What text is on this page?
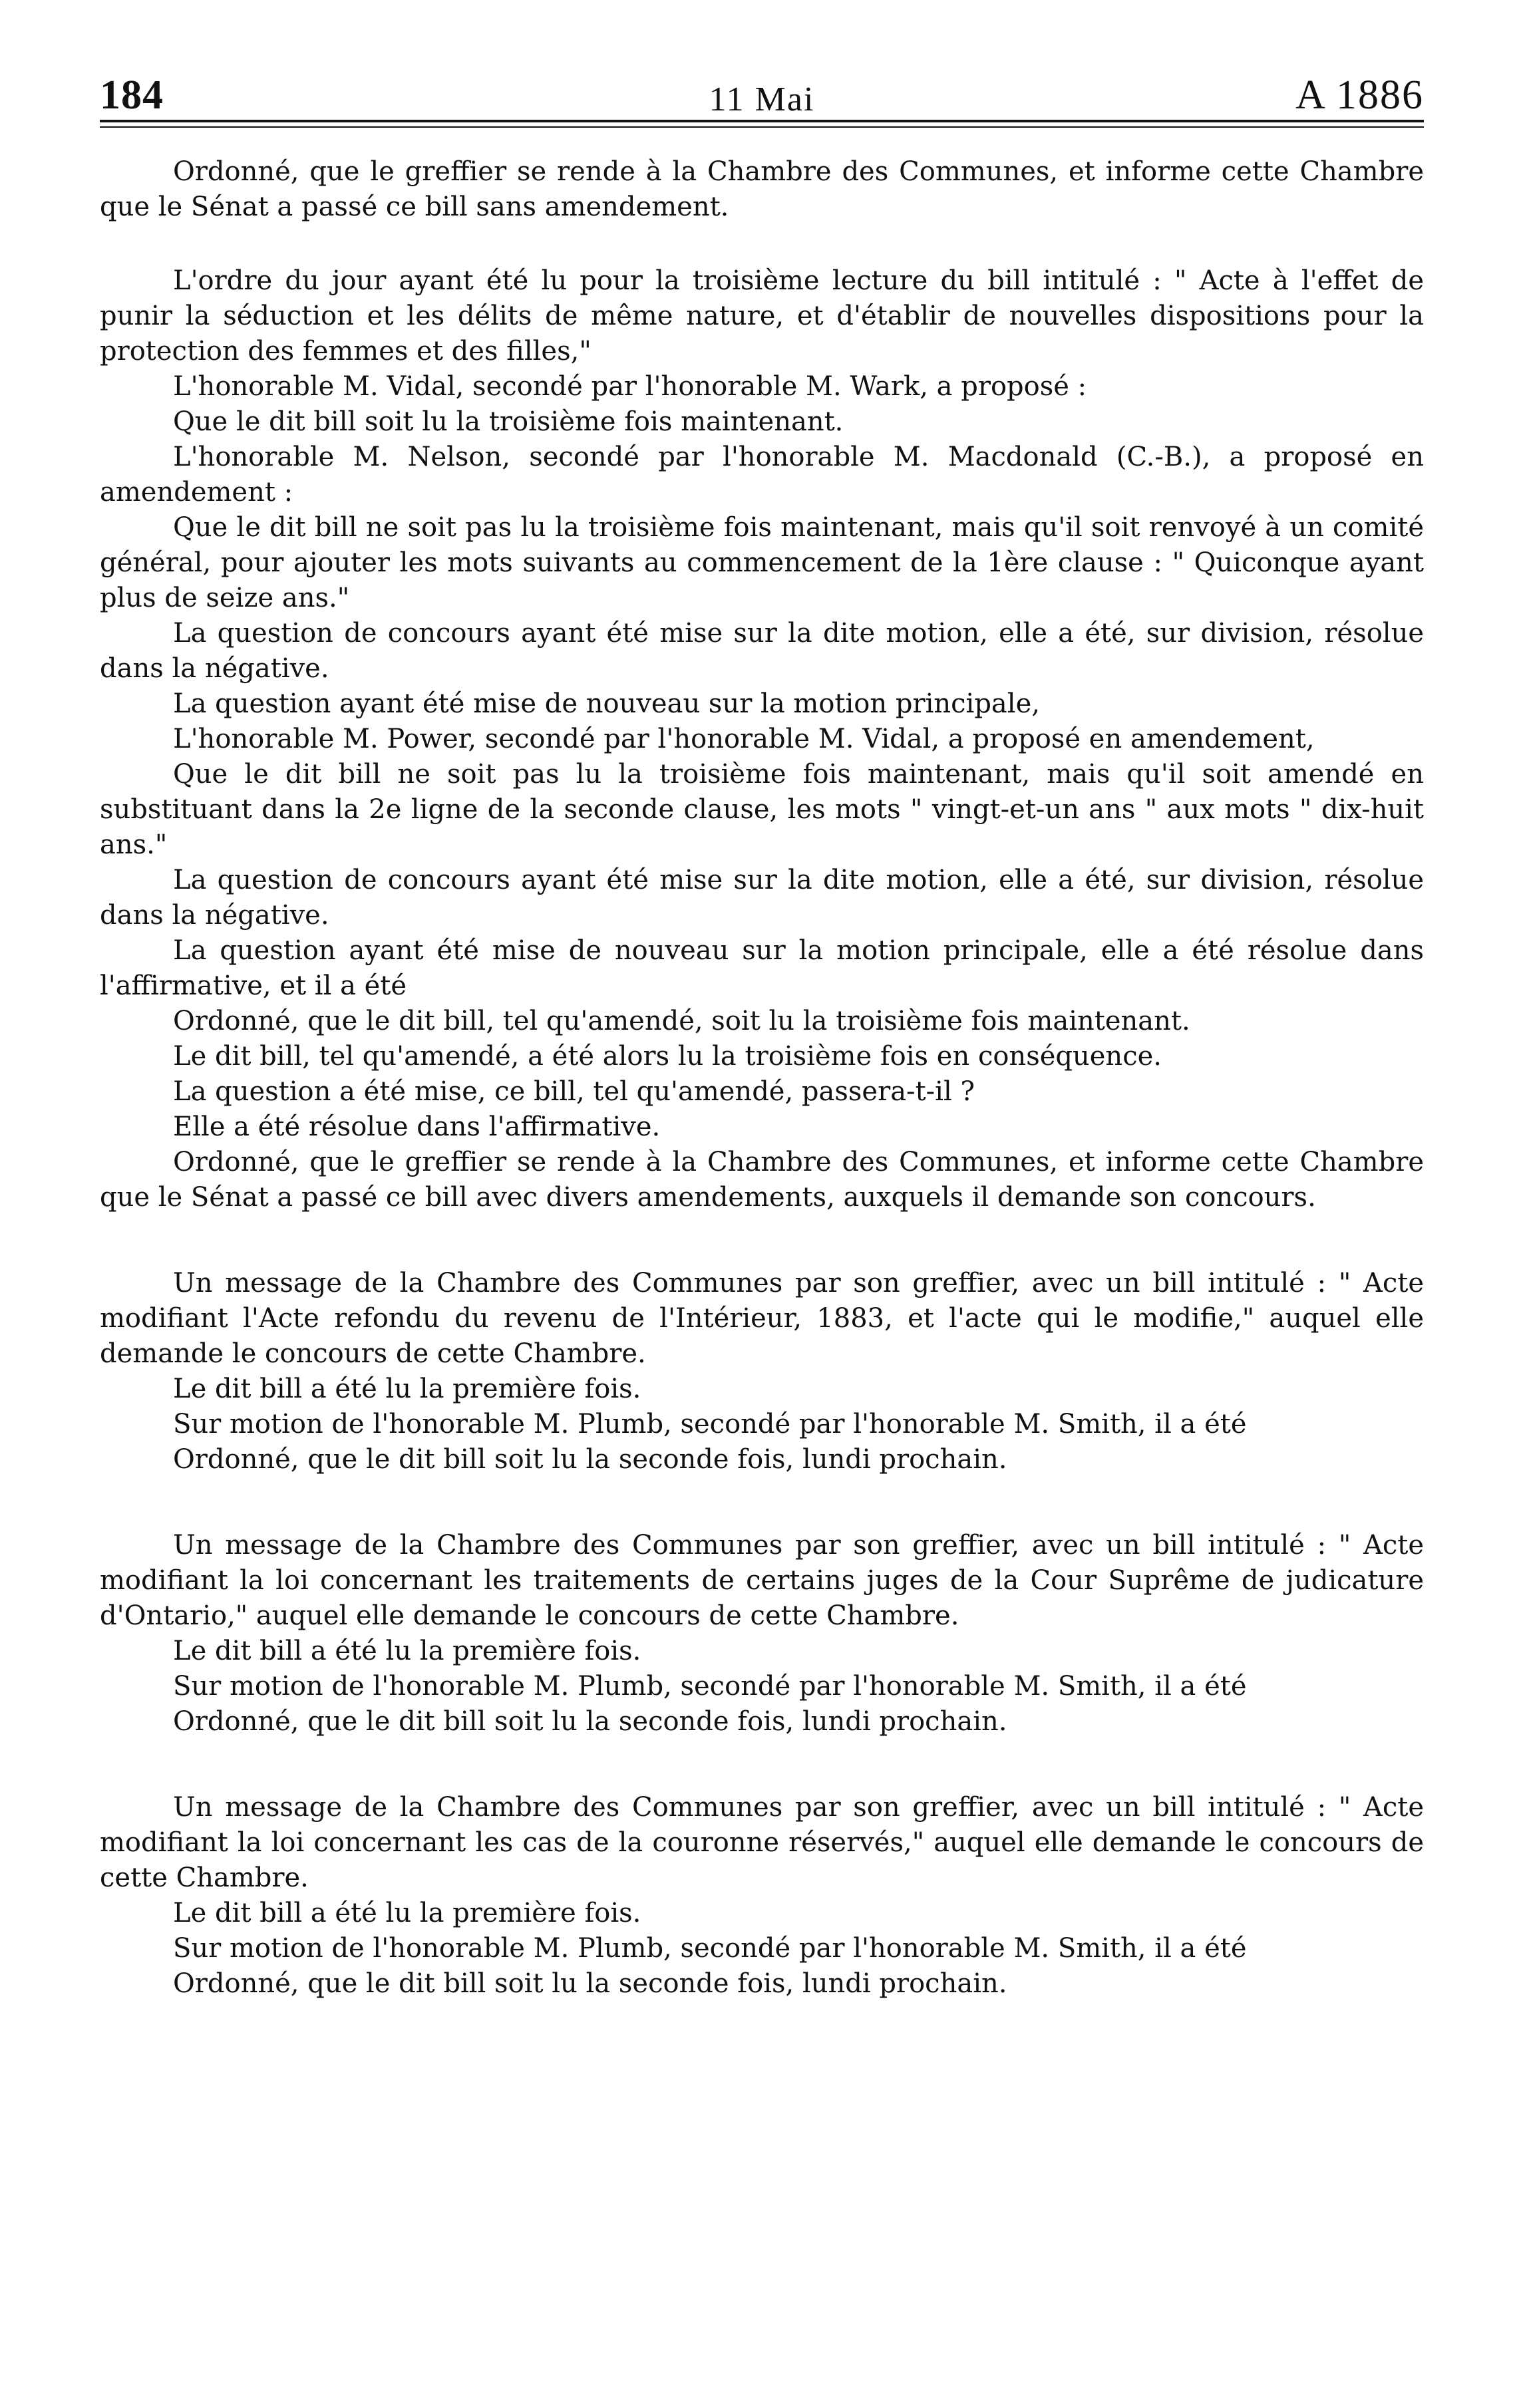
184	11 Mai	A 1886

Ordonné, que le greffier se rende à la Chambre des Communes, et informe cette Chambre que le Sénat a passé ce bill sans amendement.

L'ordre du jour ayant été lu pour la troisième lecture du bill intitulé : " Acte à l'effet de punir la séduction et les délits de même nature, et d'établir de nouvelles dispositions pour la protection des femmes et des filles,"

L'honorable M. Vidal, secondé par l'honorable M. Wark, a proposé :

Que le dit bill soit lu la troisième fois maintenant.

L'honorable M. Nelson, secondé par l'honorable M. Macdonald (C.-B.), a proposé en amendement :

Que le dit bill ne soit pas lu la troisième fois maintenant, mais qu'il soit renvoyé à un comité général, pour ajouter les mots suivants au commencement de la 1ère clause : " Quiconque ayant plus de seize ans."

La question de concours ayant été mise sur la dite motion, elle a été, sur division, résolue dans la négative.

La question ayant été mise de nouveau sur la motion principale,

L'honorable M. Power, secondé par l'honorable M. Vidal, a proposé en amendement,

Que le dit bill ne soit pas lu la troisième fois maintenant, mais qu'il soit amendé en substituant dans la 2e ligne de la seconde clause, les mots " vingt-et-un ans " aux mots " dix-huit ans."

La question de concours ayant été mise sur la dite motion, elle a été, sur division, résolue dans la négative.

La question ayant été mise de nouveau sur la motion principale, elle a été résolue dans l'affirmative, et il a été

Ordonné, que le dit bill, tel qu'amendé, soit lu la troisième fois maintenant.

Le dit bill, tel qu'amendé, a été alors lu la troisième fois en conséquence.

La question a été mise, ce bill, tel qu'amendé, passera-t-il ?

Elle a été résolue dans l'affirmative.

Ordonné, que le greffier se rende à la Chambre des Communes, et informe cette Chambre que le Sénat a passé ce bill avec divers amendements, auxquels il demande son concours.

Un message de la Chambre des Communes par son greffier, avec un bill intitulé : " Acte modifiant l'Acte refondu du revenu de l'Intérieur, 1883, et l'acte qui le modifie," auquel elle demande le concours de cette Chambre.

Le dit bill a été lu la première fois.

Sur motion de l'honorable M. Plumb, secondé par l'honorable M. Smith, il a été

Ordonné, que le dit bill soit lu la seconde fois, lundi prochain.

Un message de la Chambre des Communes par son greffier, avec un bill intitulé : " Acte modifiant la loi concernant les traitements de certains juges de la Cour Suprême de judicature d'Ontario," auquel elle demande le concours de cette Chambre.

Le dit bill a été lu la première fois.

Sur motion de l'honorable M. Plumb, secondé par l'honorable M. Smith, il a été

Ordonné, que le dit bill soit lu la seconde fois, lundi prochain.

Un message de la Chambre des Communes par son greffier, avec un bill intitulé : " Acte modifiant la loi concernant les cas de la couronne réservés," auquel elle demande le concours de cette Chambre.

Le dit bill a été lu la première fois.

Sur motion de l'honorable M. Plumb, secondé par l'honorable M. Smith, il a été

Ordonné, que le dit bill soit lu la seconde fois, lundi prochain.
